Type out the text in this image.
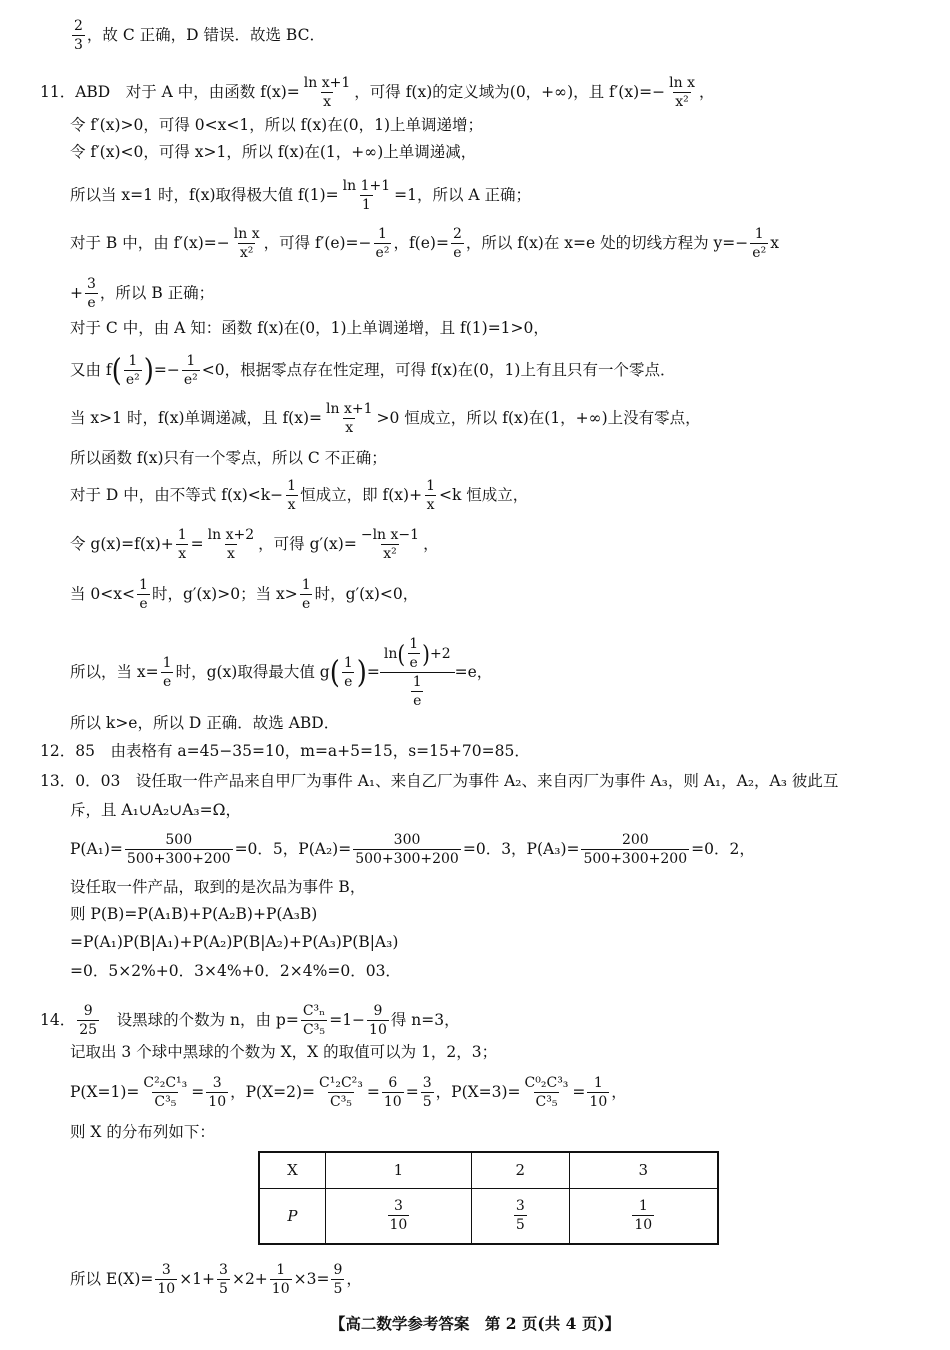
$\frac{2}{3}$ ，故 C 正确，D 错误．故选 BC．
11．ABD　对于 A 中，由函数 $f(x)= \frac{\text{ln x+1}}{x}$ ，可得 f(x)的定义域为(0，+∞)，且 $f'(x)=- \frac{\text{ln x}}{\text{x²}}$ ，
令 f′(x)>0，可得 0<x<1，所以 f(x)在(0，1)上单调递增；
令 f′(x)<0，可得 x>1，所以 f(x)在(1，+∞)上单调递减，
所以当 x=1 时，f(x)取得极大值 $f(1)= \frac{\ln 1+1}{1} =1$，所以 A 正确；
对于 B 中，由 $f'(x)=- \frac{\text{ln x}}{\text{x²}}$ ，可得 $f'(e)=- \frac{1}{\text{e²}}$ ，$f(e)= \frac{2}{e}$ ，所以 f(x)在 x=e 处的切线方程为 $y=- \frac{1}{\text{e²}}$ x
+ $\frac{3}{e}$ ，所以 B 正确；
对于 C 中，由 A 知：函数 f(x)在(0，1)上单调递增，且 f(1)=1>0，
又由 f ( $\frac{1}{\text{e²}}$ ) =− $\frac{1}{\text{e²}} <0$，根据零点存在性定理，可得 f(x)在(0，1)上有且只有一个零点．
当 x>1 时，f(x)单调递减，且 $f(x)= \frac{\text{ln x+1}}{x} >0$ 恒成立，所以 f(x)在(1，+∞)上没有零点，
所以函数 f(x)只有一个零点，所以 C 不正确；
对于 D 中，由不等式 $f(x)<k- \frac{1}{x}$ 恒成立，即 $f(x)+ \frac{1}{x} <k$ 恒成立，
令 $g(x)=f(x)+ \frac{1}{x} = \frac{\text{ln x+2}}{x}$ ，可得 $g'(x)= \frac{\text{−ln x−1}}{\text{x²}}$ ，
当 $0<x< \frac{1}{e}$ 时，g′(x)>0；当 $x> \frac{1}{e}$ 时，g′(x)<0，
所以，当 $x= \frac{1}{e}$ 时，g(x)取得最大值 g ( $\frac{1}{e}$ ) = $\frac{\ln ( \frac{1}{e} ) +2}{\frac{1}{e}} =e$，
所以 k>e，所以 D 正确．故选 ABD．
12．85　由表格有 a=45−35=10，m=a+5=15，s=15+70=85．
13．0．03　设任取一件产品来自甲厂为事件 A₁、来自乙厂为事件 A₂、来自丙厂为事件 A₃，则 A₁，A₂，A₃ 彼此互
斥，且 A₁∪A₂∪A₃=Ω，
$P(A_1)= \frac{500}{500+300+200} =0$．5，$P(A_2)= \frac{300}{500+300+200} =0$．3，$P(A_3)= \frac{200}{500+300+200} =0$．2，
设任取一件产品，取到的是次品为事件 B，
则 P(B)=P(A₁B)+P(A₂B)+P(A₃B)
=P(A₁)P(B|A₁)+P(A₂)P(B|A₂)+P(A₃)P(B|A₃)
=0．5×2%+0．3×4%+0．2×4%=0．03．
14． $\frac{9}{25}$ 　设黑球的个数为 n，由 $p= \frac{\text{C³ₙ}}{\text{C³₅}} =1- \frac{9}{10}$ 得 n=3，
记取出 3 个球中黑球的个数为 X，X 的取值可以为 1，2，3；
$P(X=1)= \frac{\text{C²₂C¹₃}}{\text{C³₅}} = \frac{3}{10}$ ，$P(X=2)= \frac{\text{C¹₂C²₃}}{\text{C³₅}} = \frac{6}{10} = \frac{3}{5}$ ，$P(X=3)= \frac{\text{C⁰₂C³₃}}{\text{C³₅}} = \frac{1}{10}$ ，
则 X 的分布列如下：
X	1	2	3
P	$\frac{3}{10}$	$\frac{3}{5}$	$\frac{1}{10}$
所以 $E(X)= \frac{3}{10} \times 1+ \frac{3}{5} \times 2+ \frac{1}{10} \times 3= \frac{9}{5}$ ，
【高二数学参考答案　第 2 页(共 4 页)】
